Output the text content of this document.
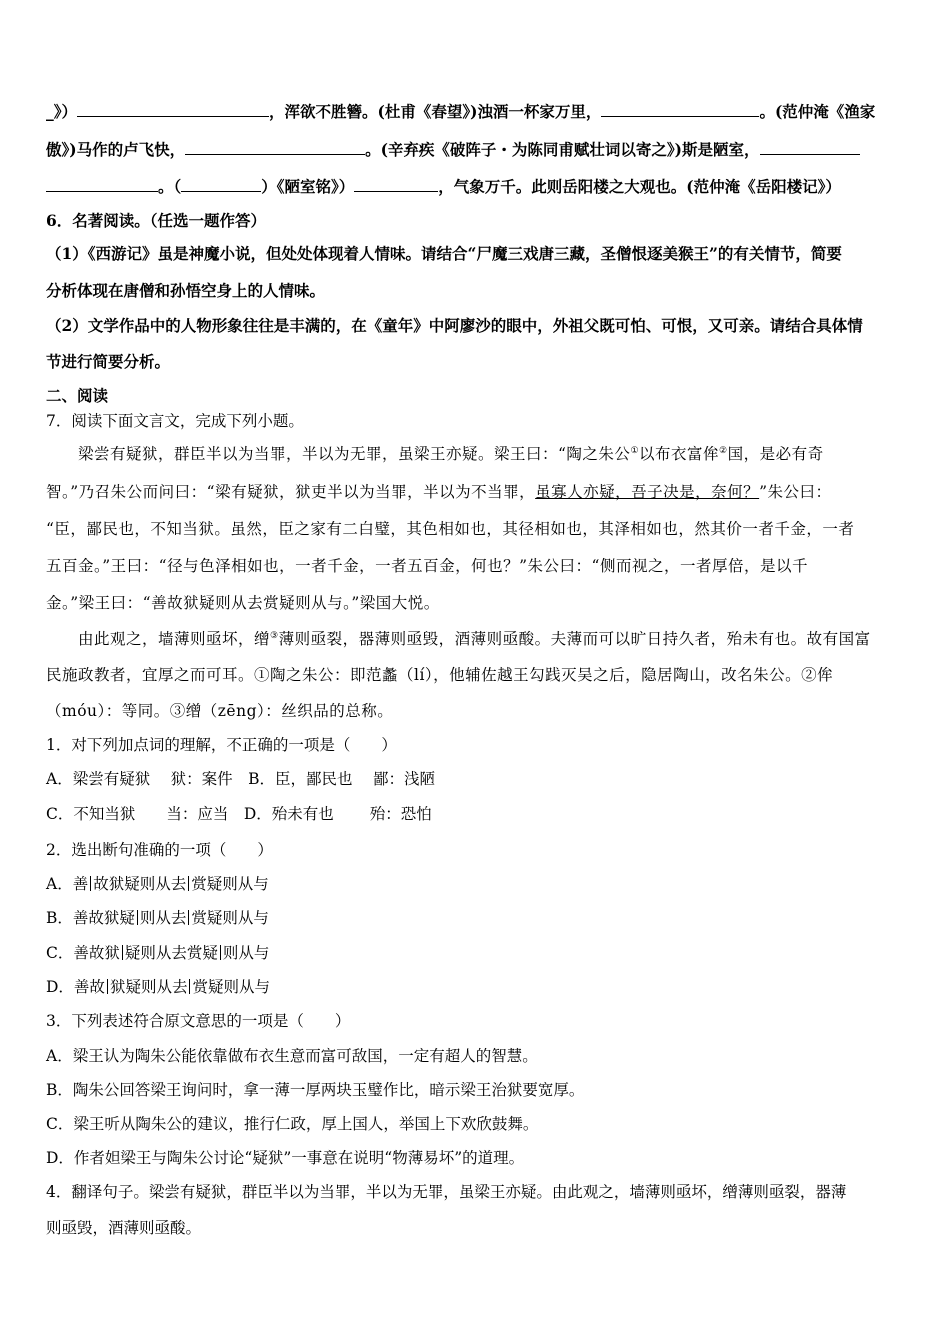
_》）	，浑欲不胜簪。(杜甫《春望》)浊酒一杯家万里，	。(范仲淹《渔家
傲》)马作的卢飞快，	。(辛弃疾《破阵子・为陈同甫赋壮词以寄之》)斯是陋室，
。（	）《陋室铭》）	，气象万千。此则岳阳楼之大观也。(范仲淹《岳阳楼记》）
6．名著阅读。（任选一题作答）
（1）《西游记》虽是神魔小说，但处处体现着人情味。请结合“尸魔三戏唐三藏，圣僧恨逐美猴王”的有关情节，简要
分析体现在唐僧和孙悟空身上的人情味。
（2）文学作品中的人物形象往往是丰满的，在《童年》中阿廖沙的眼中，外祖父既可怕、可恨，又可亲。请结合具体情
节进行简要分析。
二、阅读
7．阅读下面文言文，完成下列小题。
梁尝有疑狱，群臣半以为当罪，半以为无罪，虽梁王亦疑。梁王曰：“陶之朱公①以布衣富侔②国，是必有奇
智。”乃召朱公而问曰：“梁有疑狱，狱吏半以为当罪，半以为不当罪，虽寡人亦疑，吾子决是，奈何？”朱公曰：
“臣，鄙民也，不知当狱。虽然，臣之家有二白璧，其色相如也，其径相如也，其泽相如也，然其价一者千金，一者
五百金。”王曰：“径与色泽相如也，一者千金，一者五百金，何也？”朱公曰：“侧而视之，一者厚倍，是以千
金。”梁王曰：“善故狱疑则从去赏疑则从与。”梁国大悦。
由此观之，墙薄则亟坏，缯③薄则亟裂，器薄则亟毁，酒薄则亟酸。夫薄而可以旷日持久者，殆未有也。故有国富
民施政教者，宜厚之而可耳。①陶之朱公：即范蠡（lí），他辅佐越王勾践灭吴之后，隐居陶山，改名朱公。②侔
（móu）：等同。③缯（zēng）：丝织品的总称。
1．对下列加点词的理解，不正确的一项是（　　）
A．梁尝有疑狱　 狱：案件　B．臣，鄙民也　 鄙：浅陋
C．不知当狱　　当：应当　D．殆未有也　　 殆：恐怕
2．选出断句准确的一项（　　）
A．善 故狱疑则从去 赏疑则从与
B．善故狱疑 则从去 赏疑则从与
C．善故狱 疑则从去赏疑 则从与
D．善故 狱疑则从去 赏疑则从与
3．下列表述符合原文意思的一项是（　　）
A．梁王认为陶朱公能依靠做布衣生意而富可敌国，一定有超人的智慧。
B．陶朱公回答梁王询问时，拿一薄一厚两块玉璧作比，暗示梁王治狱要宽厚。
C．梁王听从陶朱公的建议，推行仁政，厚上国人，举国上下欢欣鼓舞。
D．作者妲梁王与陶朱公讨论“疑狱”一事意在说明“物薄易坏”的道理。
4．翻译句子。梁尝有疑狱，群臣半以为当罪，半以为无罪，虽梁王亦疑。由此观之，墙薄则亟坏，缯薄则亟裂，器薄
则亟毁，酒薄则亟酸。
